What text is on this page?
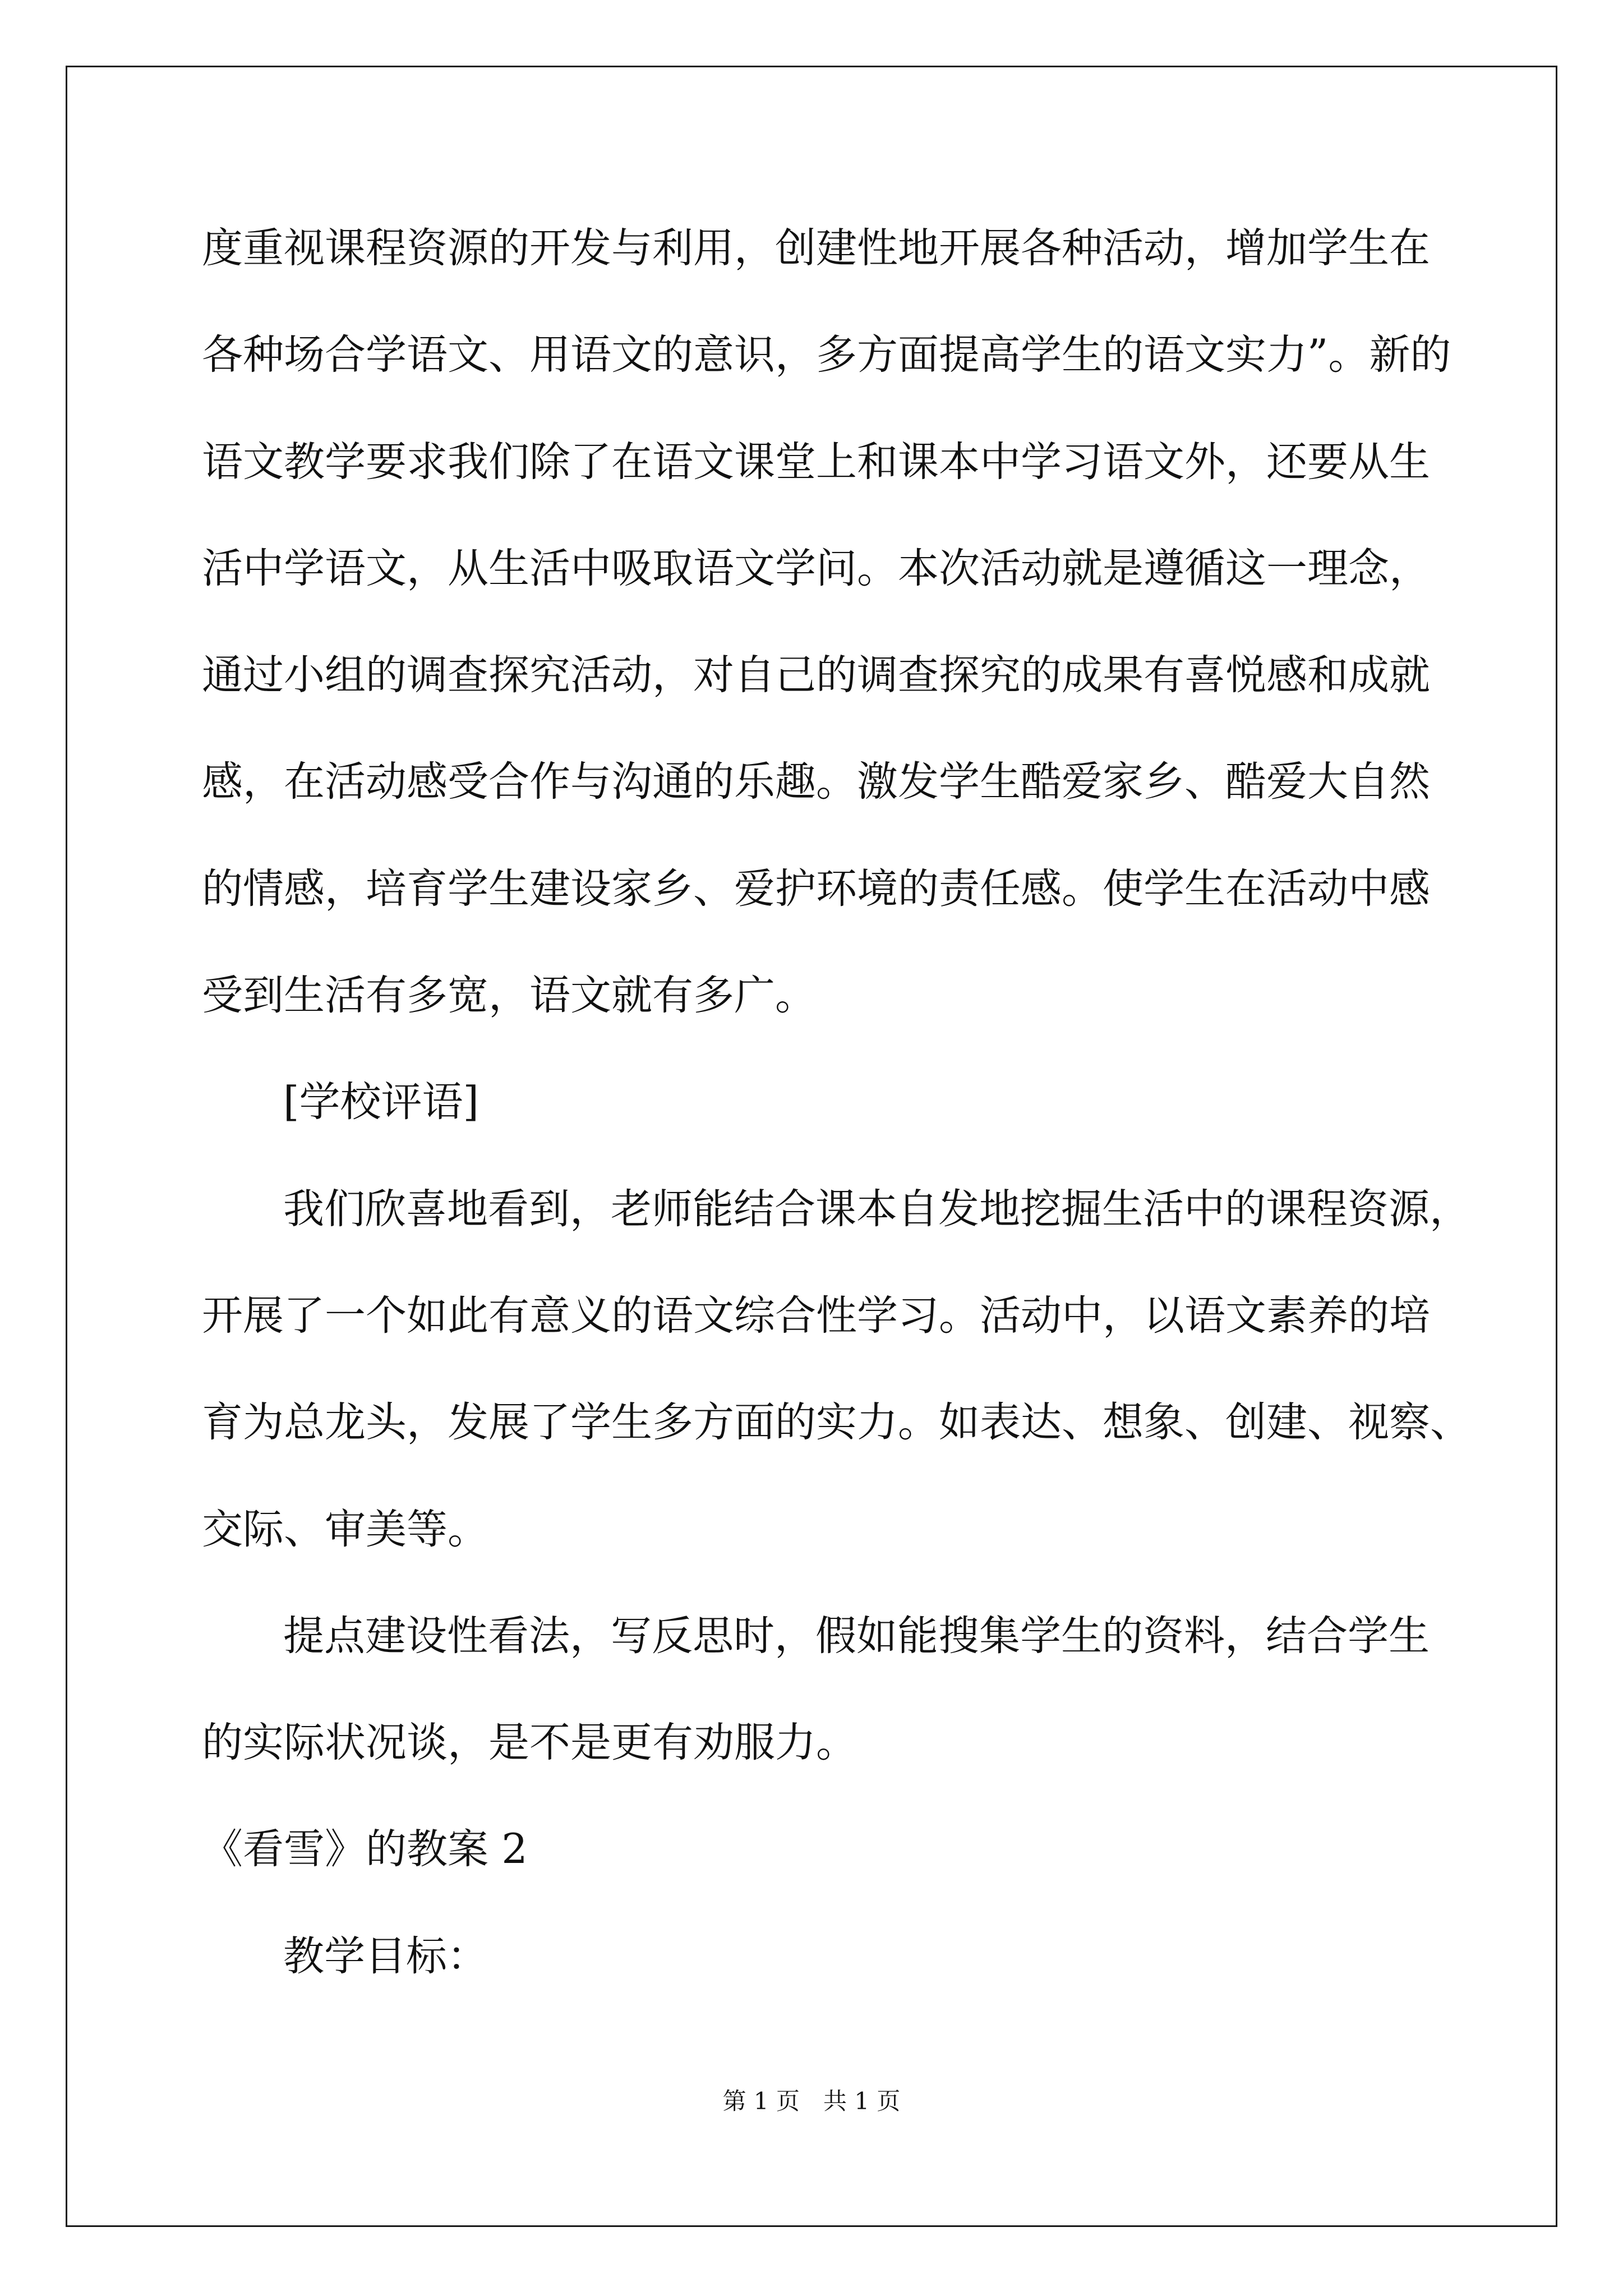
度重视课程资源的开发与利用，创建性地开展各种活动，增加学生在
各种场合学语文、用语文的意识，多方面提高学生的语文实力”。新的
语文教学要求我们除了在语文课堂上和课本中学习语文外，还要从生
活中学语文，从生活中吸取语文学问。本次活动就是遵循这一理念，
通过小组的调查探究活动，对自己的调查探究的成果有喜悦感和成就
感，在活动感受合作与沟通的乐趣。激发学生酷爱家乡、酷爱大自然
的情感，培育学生建设家乡、爱护环境的责任感。使学生在活动中感
受到生活有多宽，语文就有多广。
[学校评语]
我们欣喜地看到，老师能结合课本自发地挖掘生活中的课程资源，
开展了一个如此有意义的语文综合性学习。活动中，以语文素养的培
育为总龙头，发展了学生多方面的实力。如表达、想象、创建、视察、
交际、审美等。
提点建设性看法，写反思时，假如能搜集学生的资料，结合学生
的实际状况谈，是不是更有劝服力。
《看雪》的教案 2
教学目标：
第 1 页　共 1 页
